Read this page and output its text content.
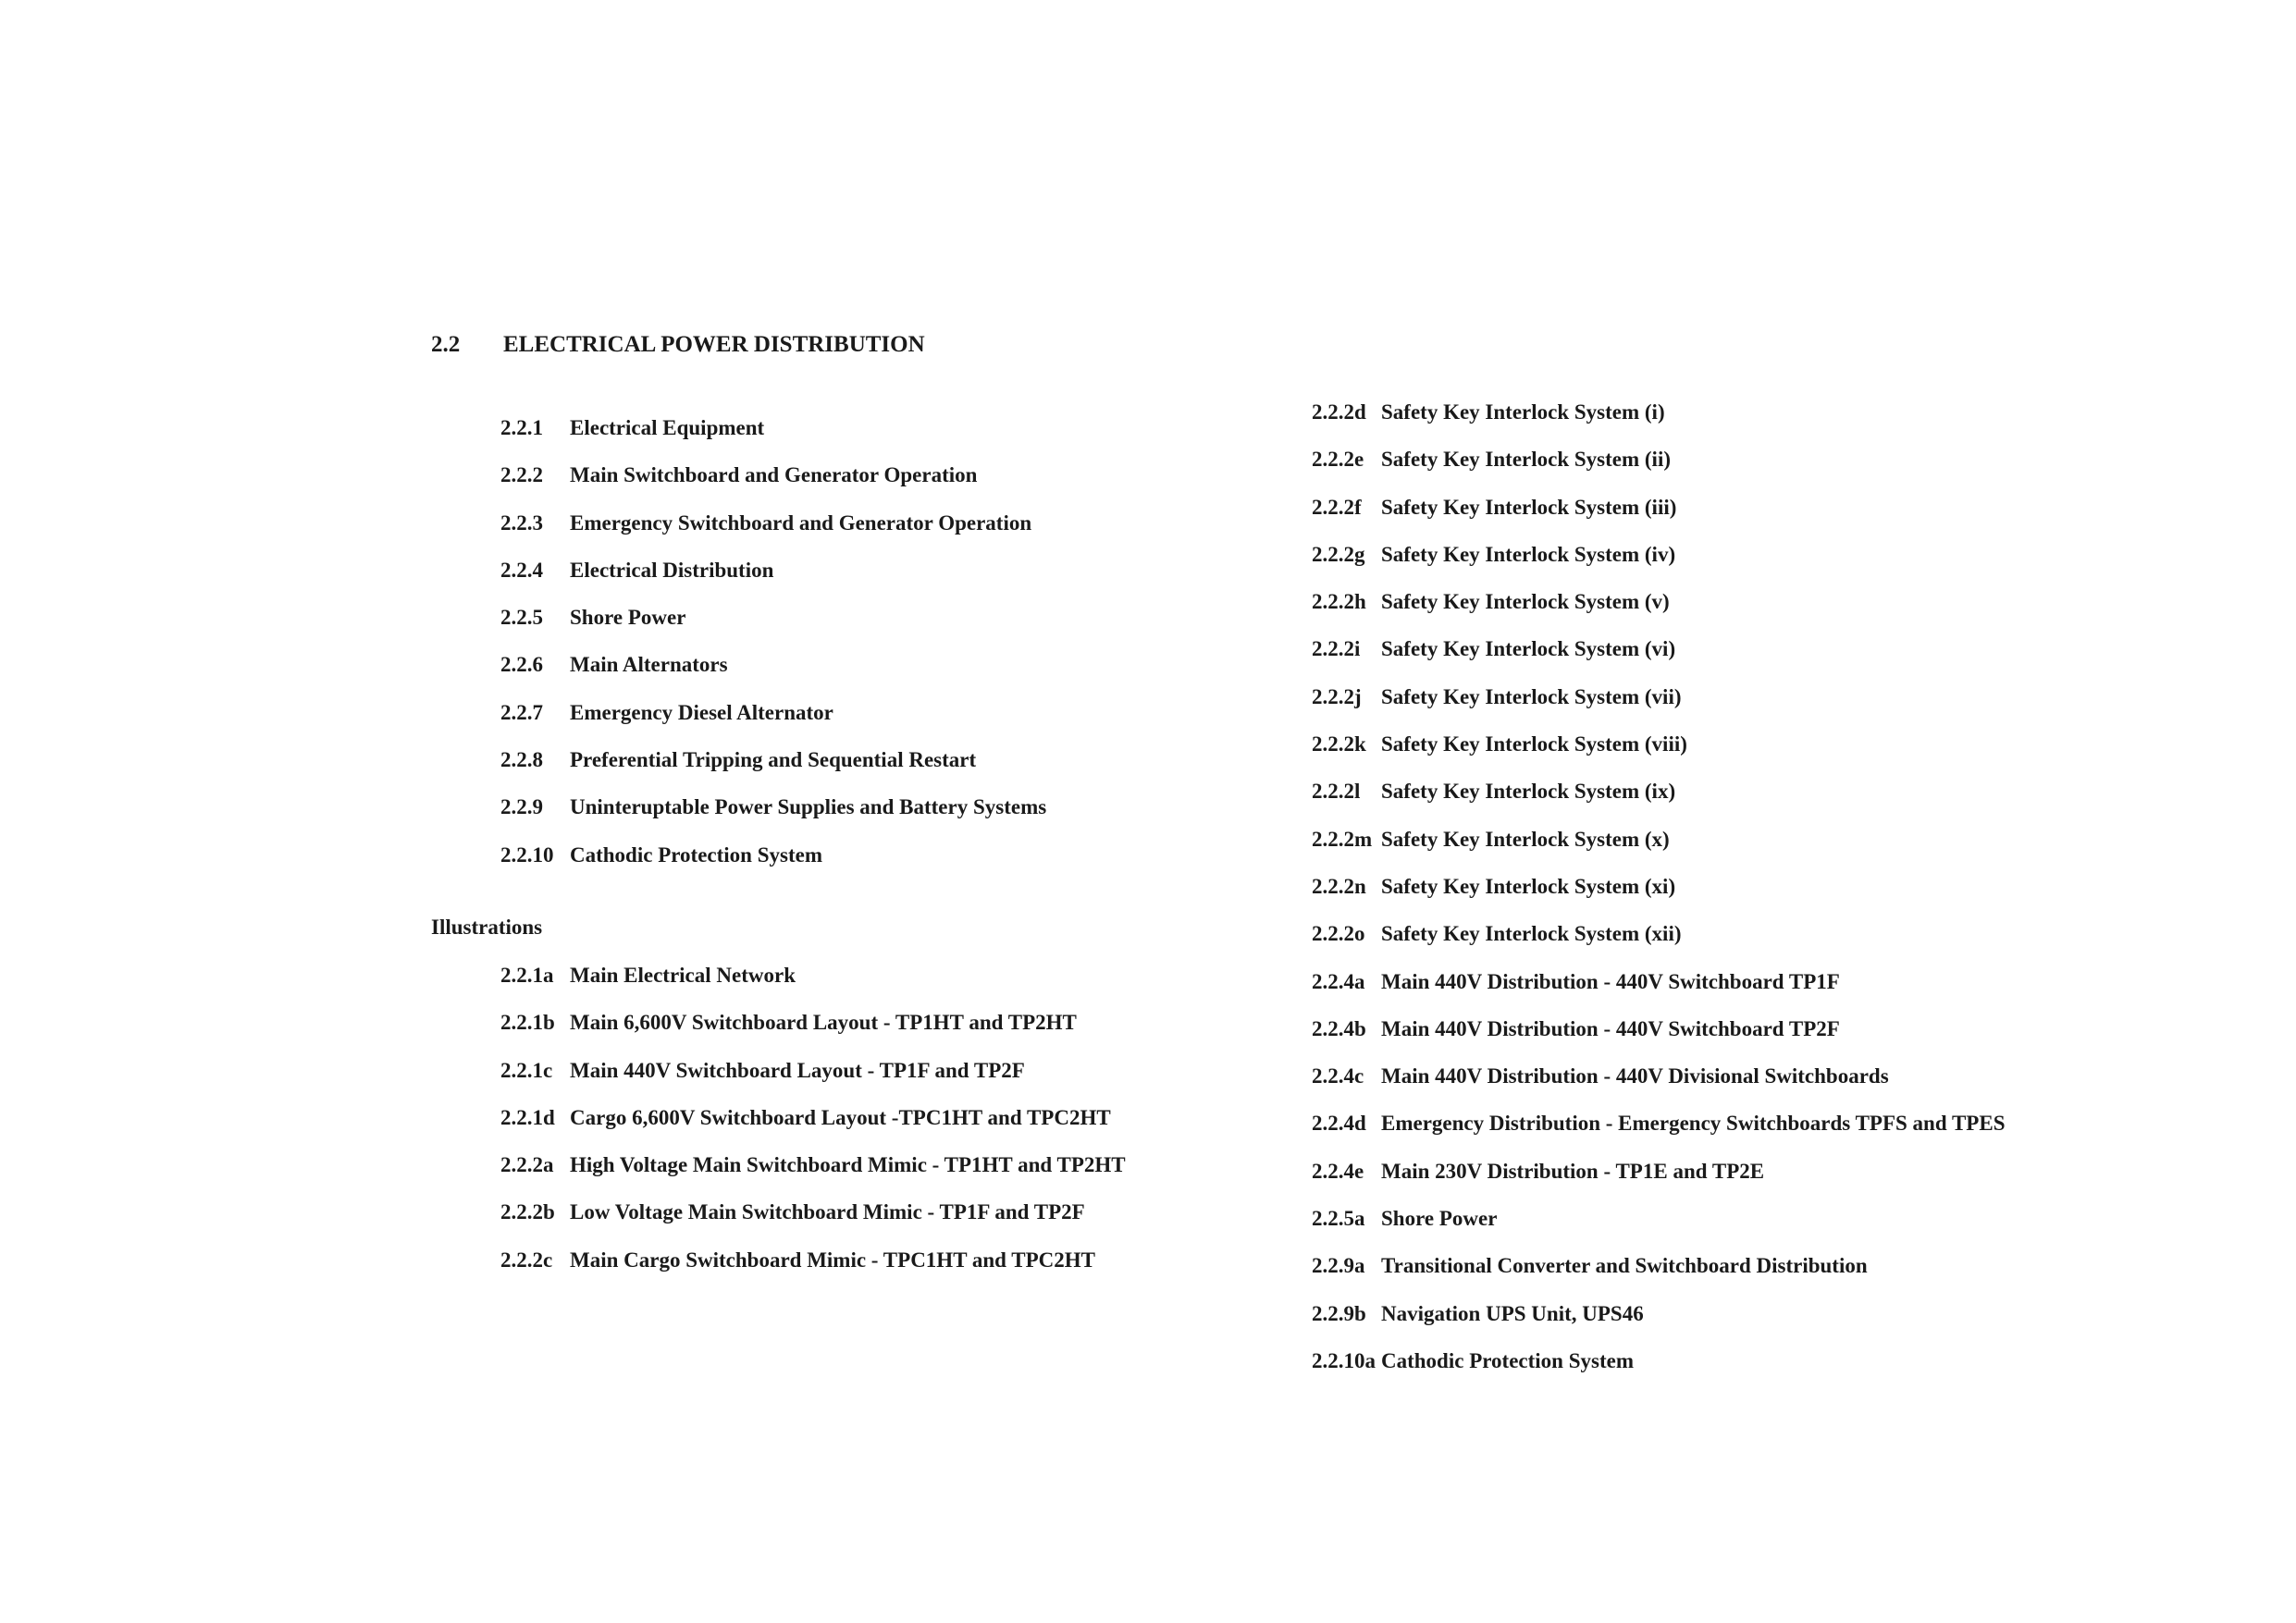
2.2 ELECTRICAL POWER DISTRIBUTION
2.2.1 Electrical Equipment
2.2.2 Main Switchboard and Generator Operation
2.2.3 Emergency Switchboard and Generator Operation
2.2.4 Electrical Distribution
2.2.5 Shore Power
2.2.6 Main Alternators
2.2.7 Emergency Diesel Alternator
2.2.8 Preferential Tripping and Sequential Restart
2.2.9 Uninteruptable Power Supplies and Battery Systems
2.2.10 Cathodic Protection System
Illustrations
2.2.1a Main Electrical Network
2.2.1b Main 6,600V Switchboard Layout - TP1HT and TP2HT
2.2.1c Main 440V Switchboard Layout - TP1F and TP2F
2.2.1d Cargo 6,600V Switchboard Layout -TPC1HT and TPC2HT
2.2.2a High Voltage Main Switchboard Mimic - TP1HT and TP2HT
2.2.2b Low Voltage Main Switchboard Mimic - TP1F and TP2F
2.2.2c Main Cargo Switchboard Mimic - TPC1HT and TPC2HT
2.2.2d Safety Key Interlock System (i)
2.2.2e Safety Key Interlock System (ii)
2.2.2f Safety Key Interlock System (iii)
2.2.2g Safety Key Interlock System (iv)
2.2.2h Safety Key Interlock System (v)
2.2.2i Safety Key Interlock System (vi)
2.2.2j Safety Key Interlock System (vii)
2.2.2k Safety Key Interlock System (viii)
2.2.2l Safety Key Interlock System (ix)
2.2.2m Safety Key Interlock System (x)
2.2.2n Safety Key Interlock System (xi)
2.2.2o Safety Key Interlock System (xii)
2.2.4a Main 440V Distribution - 440V Switchboard TP1F
2.2.4b Main 440V Distribution - 440V Switchboard TP2F
2.2.4c Main 440V Distribution - 440V Divisional Switchboards
2.2.4d Emergency Distribution - Emergency Switchboards TPFS and TPES
2.2.4e Main 230V Distribution - TP1E and TP2E
2.2.5a Shore Power
2.2.9a Transitional Converter and Switchboard Distribution
2.2.9b Navigation UPS Unit, UPS46
2.2.10a Cathodic Protection System
